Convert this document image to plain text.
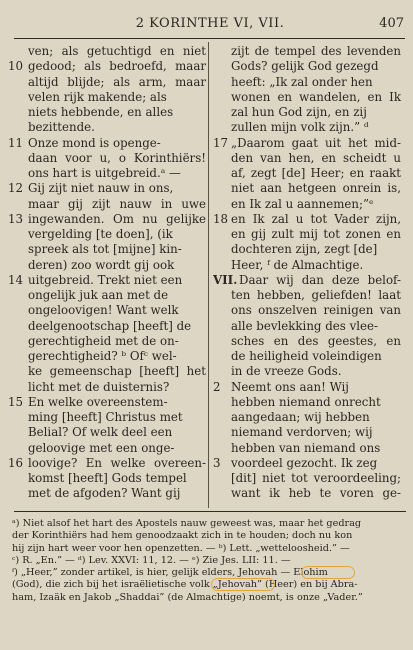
2 KORINTHE VI, VII.	407
ven; als getuchtigd en niet
10 gedood; als bedroefd, maar
altijd blijde; als arm, maar
velen rijk makende; als
niets hebbende, en alles
bezittende.
11 Onze mond is openge-
daan voor u, o Korinthiërs!
ons hart is uitgebreid.ᵃ —
12 Gij zijt niet nauw in ons,
maar gij zijt nauw in uwe
13 ingewanden. Om nu gelijke
vergelding [te doen], (ik
spreek als tot [mijne] kin-
deren) zoo wordt gij ook
14 uitgebreid. Trekt niet een
ongelijk juk aan met de
ongeloovigen! Want welk
deelgenootschap [heeft] de
gerechtigheid met de on-
gerechtigheid? ᵇ Ofᶜ wel-
ke gemeenschap [heeft] het
licht met de duisternis?
15 En welke overeenstem-
ming [heeft] Christus met
Belial? Of welk deel een
geloovige met een onge-
16 loovige? En welke overeen-
komst [heeft] Gods tempel
met de afgoden? Want gij
zijt de tempel des levenden
Gods? gelijk God gezegd
heeft: „Ik zal onder hen
wonen en wandelen, en Ik
zal hun God zijn, en zij
zullen mijn volk zijn.” ᵈ
17 „Daarom gaat uit het mid-
den van hen, en scheidt u
af, zegt [de] Heer; en raakt
niet aan hetgeen onrein is,
en Ik zal u aannemen;”ᵉ
18 en Ik zal u tot Vader zijn,
en gij zult mij tot zonen en
dochteren zijn, zegt [de]
Heer, ᶠ de Almachtige.
VII. Daar wij dan deze belof-
ten hebben, geliefden! laat
ons onszelven reinigen van
alle bevlekking des vlee-
sches en des geestes, en
de heiligheid voleindigen
in de vreeze Gods.
2 Neemt ons aan! Wij
hebben niemand onrecht
aangedaan; wij hebben
niemand verdorven; wij
hebben van niemand ons
3 voordeel gezocht. Ik zeg
[dit] niet tot veroordeeling;
want ik heb te voren ge-
ᵃ) Niet alsof het hart des Apostels nauw geweest was, maar het gedrag
der Korinthiërs had hem genoodzaakt zich in te houden; doch nu kon
hij zijn hart weer voor hen openzetten. — ᵇ) Lett. „wetteloosheid.” —
ᶜ) R. „En.” — ᵈ) Lev. XXVI: 11, 12. — ᵉ) Zie Jes. LII: 11. —
ᶠ) „Heer,” zonder artikel, is hier, gelijk elders, Jehovah — Elohim
(God), die zich bij het israëlietische volk „Jehovah” (Heer) en bij Abra-
ham, Izaäk en Jakob „Shaddai” (de Almachtige) noemt, is onze „Vader.”
